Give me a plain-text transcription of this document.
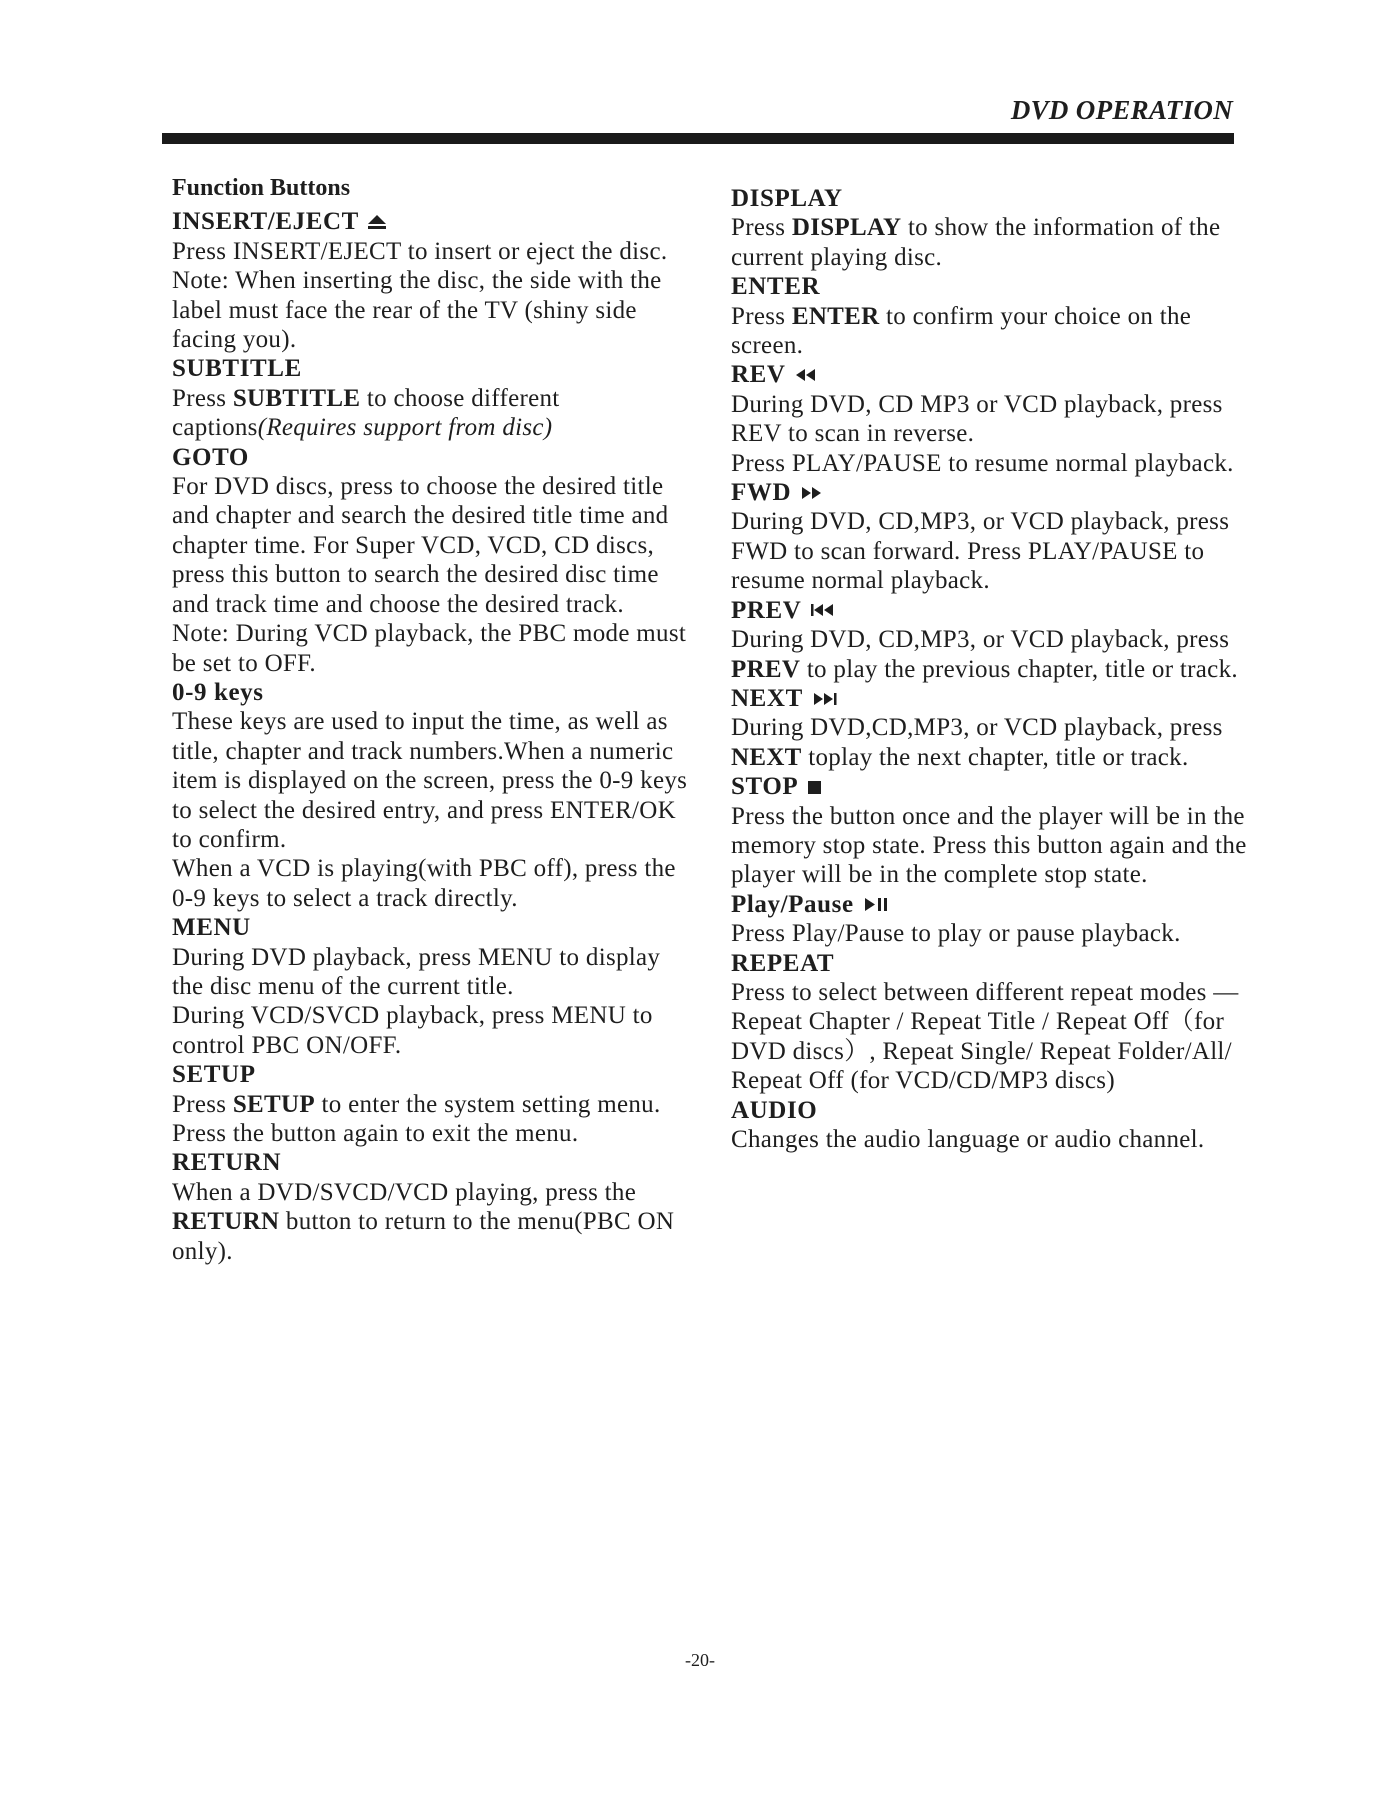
DVD OPERATION
Function Buttons
INSERT/EJECT
Press INSERT/EJECT to insert or eject the disc.
Note: When inserting the disc, the side with the label must face the rear of the TV (shiny side facing you).
SUBTITLE
Press SUBTITLE to choose different captions(Requires support from disc)
GOTO
For DVD discs, press to choose the desired title and chapter and search the desired title time and chapter time. For Super VCD, VCD, CD discs, press this button to search the desired disc time and track time and choose the desired track.
Note: During VCD playback, the PBC mode must be set to OFF.
0-9 keys
These keys are used to input the time, as well as title, chapter and track numbers.When a numeric item is displayed on the screen, press the 0-9 keys to select the desired entry, and press ENTER/OK to confirm.
When a VCD is playing(with PBC off), press the 0-9 keys to select a track directly.
MENU
During DVD playback, press MENU to display the disc menu of the current title.
During VCD/SVCD playback, press MENU to control PBC ON/OFF.
SETUP
Press SETUP to enter the system setting menu. Press the button again to exit the menu.
RETURN
When a DVD/SVCD/VCD playing, press the RETURN button to return to the menu(PBC ON only).
DISPLAY
Press DISPLAY to show the information of the current playing disc.
ENTER
Press ENTER to confirm your choice on the screen.
REV
During DVD, CD MP3 or VCD playback, press REV to scan in reverse.
Press PLAY/PAUSE to resume normal playback.
FWD
During DVD, CD,MP3, or VCD playback, press FWD to scan forward. Press PLAY/PAUSE to resume normal playback.
PREV
During DVD, CD,MP3, or VCD playback, press PREV to play the previous chapter, title or track.
NEXT
During DVD,CD,MP3, or VCD playback, press NEXT toplay the next chapter, title or track.
STOP
Press the button once and the player will be in the memory stop state. Press this button again and the player will be in the complete stop state.
Play/Pause
Press Play/Pause to play or pause playback.
REPEAT
Press to select between different repeat modes — Repeat Chapter / Repeat Title / Repeat Off（for DVD discs）, Repeat Single/ Repeat Folder/All/ Repeat Off (for VCD/CD/MP3 discs)
AUDIO
Changes the audio language or audio channel.
-20-
